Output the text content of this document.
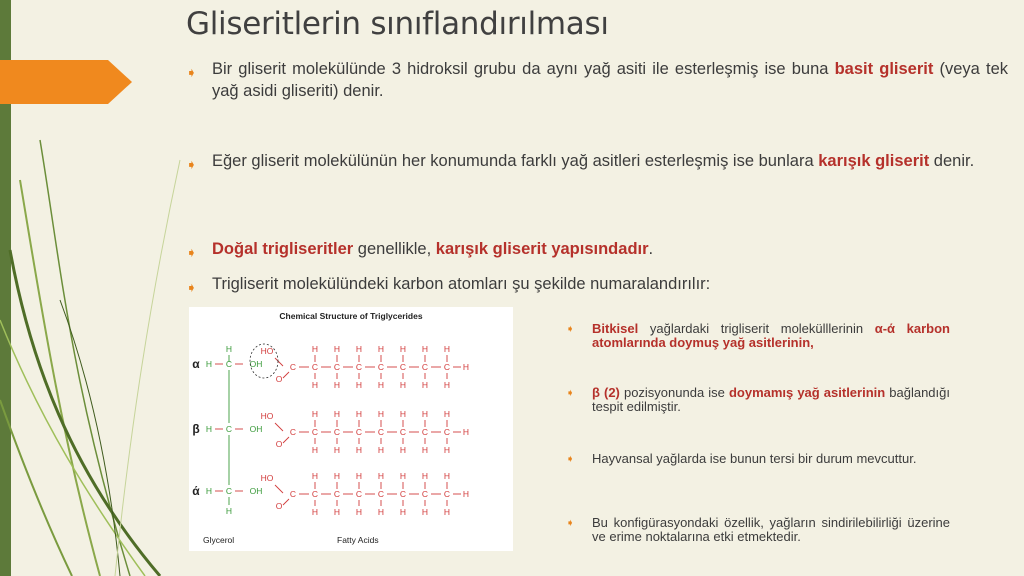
Gliseritlerin sınıflandırılması
➧ Bir gliserit molekülünde 3 hidroksil grubu da aynı yağ asiti ile esterleşmiş ise buna basit gliserit (veya tek yağ asidi gliseriti) denir.
➧ Eğer gliserit molekülünün her konumunda farklı yağ asitleri esterleşmiş ise bunlara karışık gliserit denir.
➧ Doğal trigliseritler genellikle, karışık gliserit yapısındadır.
➧ Trigliserit molekülündeki karbon atomları şu şekilde numaralandırılır:
Chemical Structure of Triglycerides
Glycerol	Fatty Acids
α H C OH
HO
O
C C
H
H
C
H
H
C
H
H
C
H
H
C
H
H
C
H
H
C
H
H
H
β H C OH
HO
O
C C
H
H
C
H
H
C
H
H
C
H
H
C
H
H
C
H
H
C
H
H
H
ά H C OH
HO
O
C C
H
H
C
H
H
C
H
H
C
H
H
C
H
H
C
H
H
C
H
H
H
H
H
➧ Bitkisel yağlardaki trigliserit molekülllerinin α-ά karbon atomlarında doymuş yağ asitlerinin,
➧ β (2) pozisyonunda ise doymamış yağ asitlerinin bağlandığı tespit edilmiştir.
➧ Hayvansal yağlarda ise bunun tersi bir durum mevcuttur.
➧ Bu konfigürasyondaki özellik, yağların sindirilebilirliği üzerine ve erime noktalarına etki etmektedir.
